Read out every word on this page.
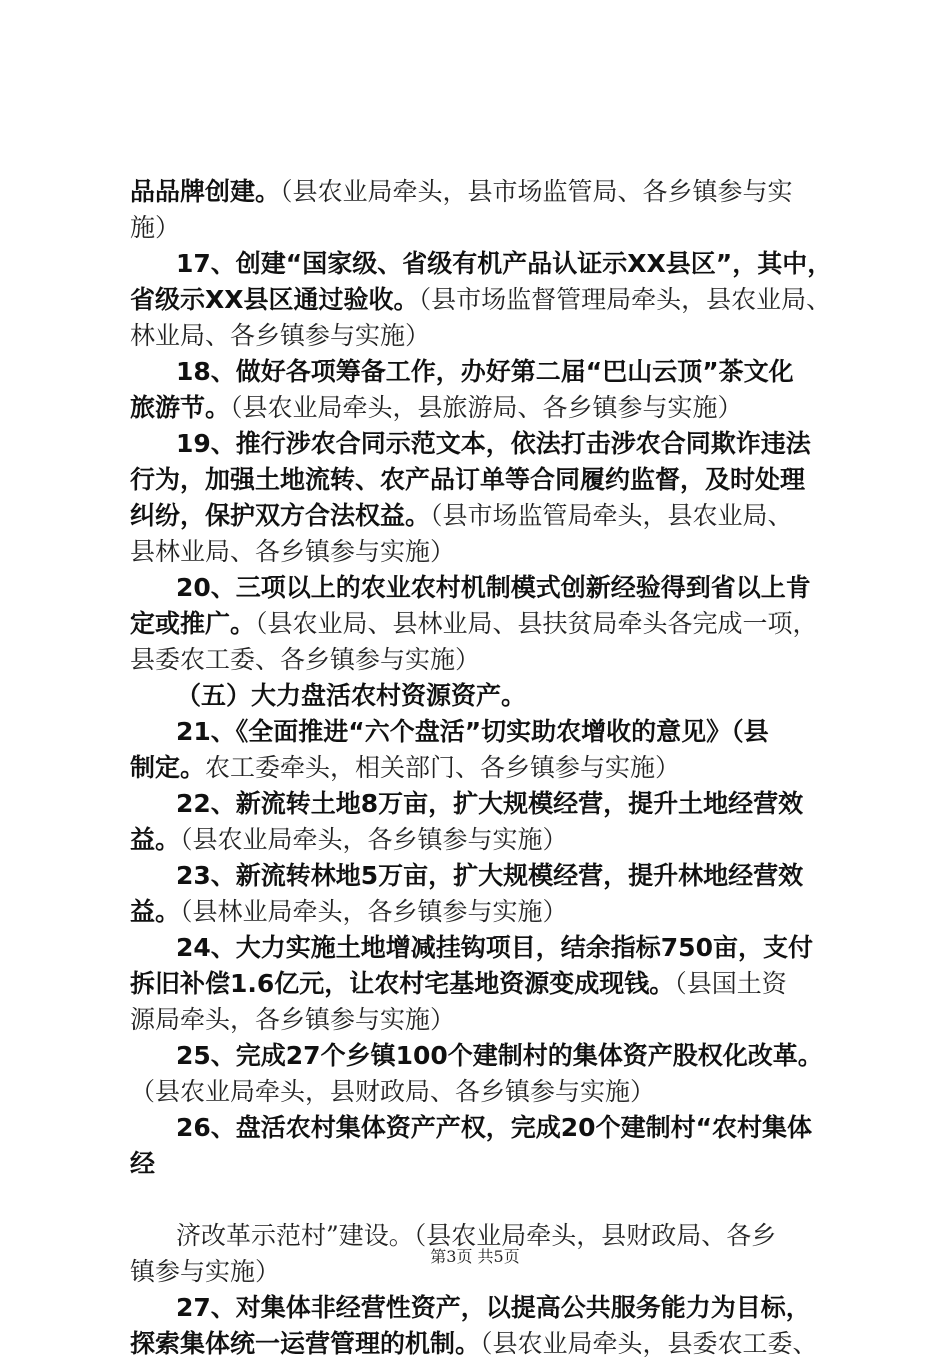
品品牌创建。（县农业局牵头，县市场监管局、各乡镇参与实
施）
17、创建“国家级、省级有机产品认证示XX县区”，其中，
省级示XX县区通过验收。（县市场监督管理局牵头，县农业局、
林业局、各乡镇参与实施）
18、做好各项筹备工作，办好第二届“巴山云顶”茶文化
旅游节。（县农业局牵头，县旅游局、各乡镇参与实施）
19、推行涉农合同示范文本，依法打击涉农合同欺诈违法
行为，加强土地流转、农产品订单等合同履约监督，及时处理
纠纷，保护双方合法权益。（县市场监管局牵头，县农业局、
县林业局、各乡镇参与实施）
20、三项以上的农业农村机制模式创新经验得到省以上肯
定或推广。（县农业局、县林业局、县扶贫局牵头各完成一项，
县委农工委、各乡镇参与实施）
（五）大力盘活农村资源资产。
21、《全面推进“六个盘活”切实助农增收的意见》（县
制定。农工委牵头，相关部门、各乡镇参与实施）
22、新流转土地8万亩，扩大规模经营，提升土地经营效
益。（县农业局牵头，各乡镇参与实施）
23、新流转林地5万亩，扩大规模经营，提升林地经营效
益。（县林业局牵头，各乡镇参与实施）
24、大力实施土地增减挂钩项目，结余指标750亩，支付
拆旧补偿1.6亿元，让农村宅基地资源变成现钱。（县国土资
源局牵头，各乡镇参与实施）
25、完成27个乡镇100个建制村的集体资产股权化改革。
（县农业局牵头，县财政局、各乡镇参与实施）
26、盘活农村集体资产产权，完成20个建制村“农村集体
经
济改革示范村”建设。（县农业局牵头，县财政局、各乡
镇参与实施）
27、对集体非经营性资产，以提高公共服务能力为目标，
探索集体统一运营管理的机制。（县农业局牵头，县委农工委、
第3页 共5页
